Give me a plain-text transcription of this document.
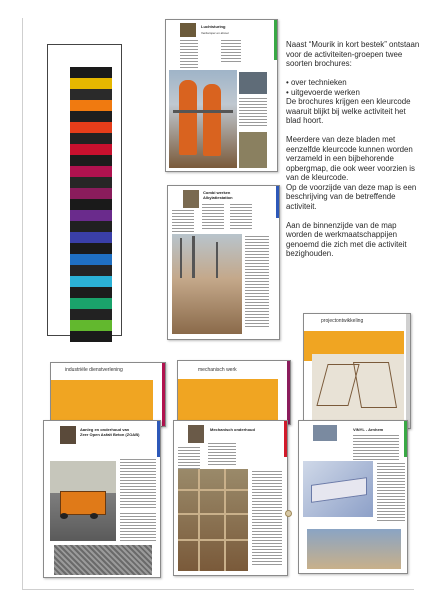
Luchtsturing
Verdamper en afvoer
Combi werken
Alkylatiestation
projectontwikkeling
industriële dienstverlening	mechanisch werk
Aanleg en onderhoud van
Zeer Open Asfalt Beton (ZOAB)
Mechanisch onderhoud	VINYL - Arnhem

Naast “Mourik in kort bestek” ontstaan voor de activiteiten-groepen twee soorten brochures:

• over technieken
• uitgevoerde werken
De brochures krijgen een kleurcode waaruit blijkt bij welke activiteit het blad hoort.

Meerdere van deze bladen met eenzelfde kleurcode kunnen worden verzameld in een bijbehorende opbergmap, die ook weer voorzien is van de kleurcode.

Op de voorzijde van deze map is een beschrijving van de betreffende activiteit.

Aan de binnenzijde van de map worden de werkmaatschappijen genoemd die zich met die activiteit bezighouden.
